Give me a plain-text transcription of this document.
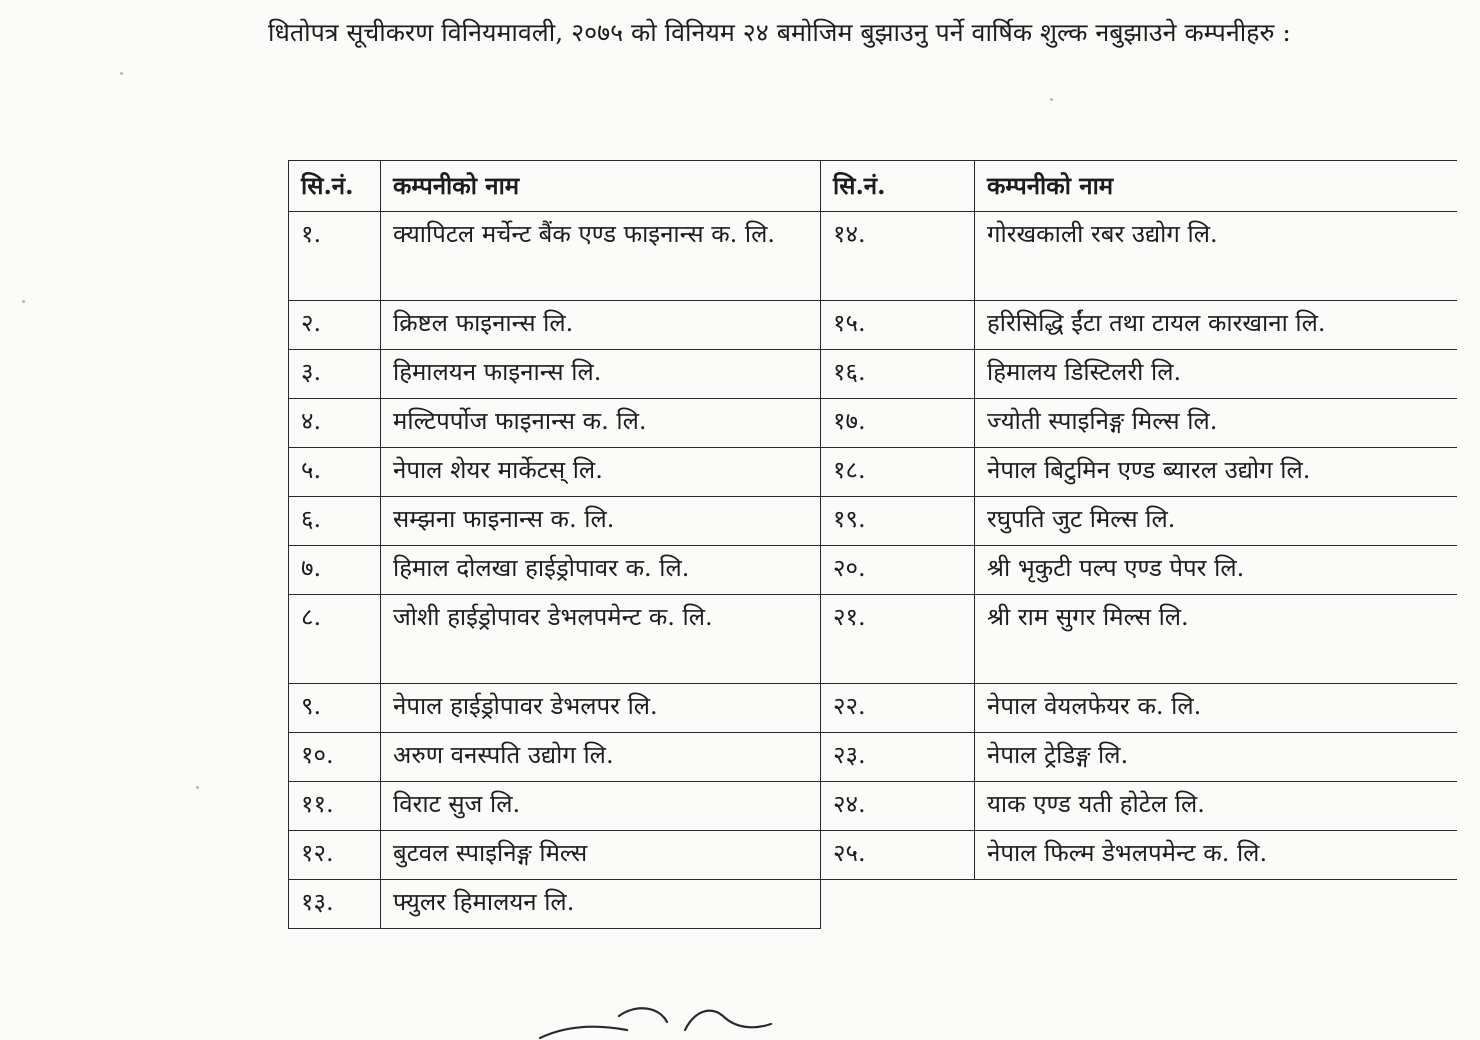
धितोपत्र सूचीकरण विनियमावली, २०७५ को विनियम २४ बमोजिम बुझाउनु पर्ने वार्षिक शुल्क नबुझाउने कम्पनीहरु :

सि.नं.	कम्पनीको नाम
१.	क्यापिटल मर्चेन्ट बैंक एण्ड फाइनान्स क. लि.
२.	क्रिष्टल फाइनान्स लि.
३.	हिमालयन फाइनान्स लि.
४.	मल्टिपर्पोज फाइनान्स क. लि.
५.	नेपाल शेयर मार्केटस् लि.
६.	सम्झना फाइनान्स क. लि.
७.	हिमाल दोलखा हाईड्रोपावर क. लि.
८.	जोशी हाईड्रोपावर डेभलपमेन्ट क. लि.
९.	नेपाल हाईड्रोपावर डेभलपर लि.
१०.	अरुण वनस्पति उद्योग लि.
११.	विराट सुज लि.
१२.	बुटवल स्पाइनिङ्ग मिल्स
१३.	फ्युलर हिमालयन लि.
सि.नं.	कम्पनीको नाम
१४.	गोरखकाली रबर उद्योग लि.
१५.	हरिसिद्धि ईंटा तथा टायल कारखाना लि.
१६.	हिमालय डिस्टिलरी लि.
१७.	ज्योती स्पाइनिङ्ग मिल्स लि.
१८.	नेपाल बिटुमिन एण्ड ब्यारल उद्योग लि.
१९.	रघुपति जुट मिल्स लि.
२०.	श्री भृकुटी पल्प एण्ड पेपर लि.
२१.	श्री राम सुगर मिल्स लि.
२२.	नेपाल वेयलफेयर क. लि.
२३.	नेपाल ट्रेडिङ्ग लि.
२४.	याक एण्ड यती होटेल लि.
२५.	नेपाल फिल्म डेभलपमेन्ट क. लि.
